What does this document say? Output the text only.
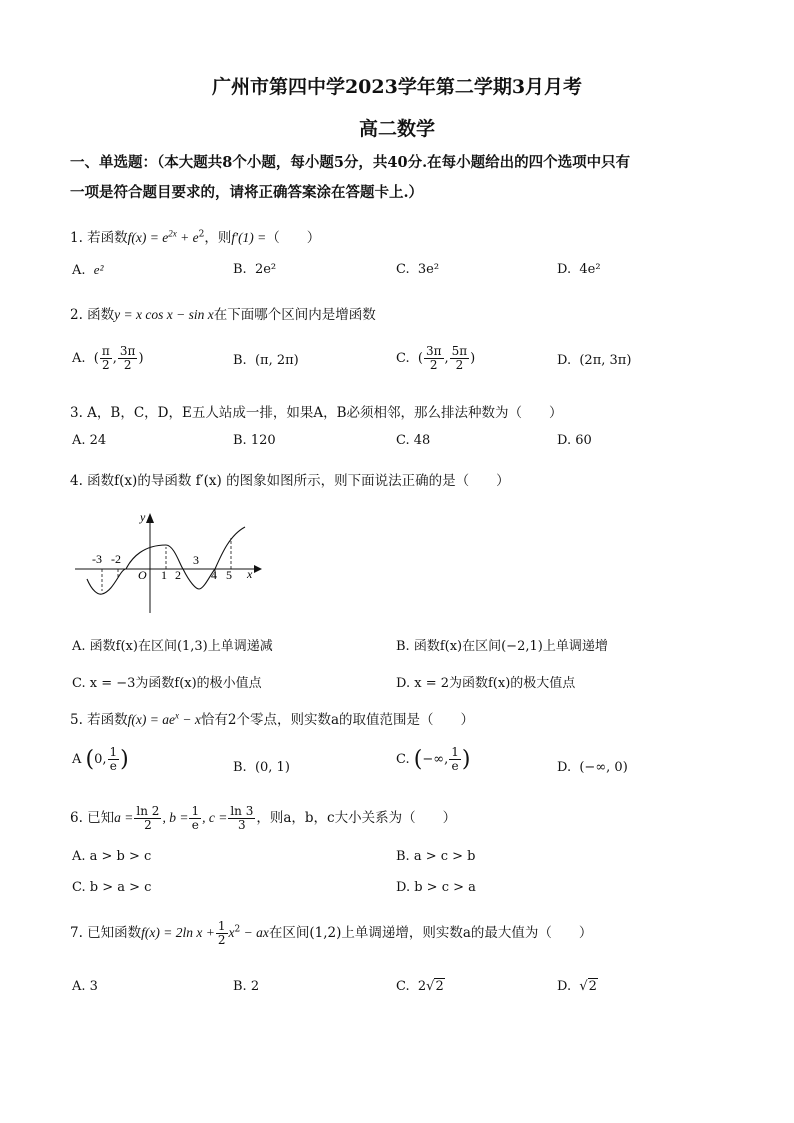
广州市第四中学2023学年第二学期3月月考
高二数学
一、单选题：（本大题共8个小题，每小题5分，共40分.在每小题给出的四个选项中只有
一项是符合题目要求的，请将正确答案涂在答题卡上.）
1. 若函数$f(x) = e^{2x} + e^2$，则f′(1) =（　　）
A. e²	B. 2e²	C. 3e²	D. 4e²
2. 函数y = x cos x − sin x在下面哪个区间内是增函数
A.  ( $\frac{\pi}{2}$ , $\frac{3\pi}{2}$ )	B. (π, 2π)	C.  ( $\frac{3\pi}{2}$ , $\frac{5\pi}{2}$ )	D. (2π, 3π)
3. A，B，C，D，E五人站成一排，如果A，B必须相邻，那么排法种数为（　　）
A. 24	B. 120	C. 48	D. 60
4. 函数f(x)的导函数 f′(x) 的图象如图所示，则下面说法正确的是（　　）
y
x
O
-3 -2
1 2
3
4 5
A. 函数f(x)在区间(1,3)上单调递减	B. 函数f(x)在区间(−2,1)上单调递增
C. x = −3为函数f(x)的极小值点	D. x = 2为函数f(x)的极大值点
5. 若函数$f(x) = ae^x - x$恰有2个零点，则实数a的取值范围是（　　）
A (0, $\frac{1}{e}$ )	B. (0, 1)
C. (−∞, $\frac{1}{e}$ )	D. (−∞, 0)
6. 已知$a = \frac{\ln 2}{2}$ , $b = \frac{1}{e}$ , $c = \frac{\ln 3}{3}$ ，则a，b，c大小关系为（　　）
A. a > b > c	B. a > c > b
C. b > a > c	D. b > c > a
7. 已知函数f(x) = 2ln $x + \frac{1}{2} x^2$ − ax在区间(1,2)上单调递增，则实数a的最大值为（　　）
A. 3	B. 2	C. 2√2	D.  √2
